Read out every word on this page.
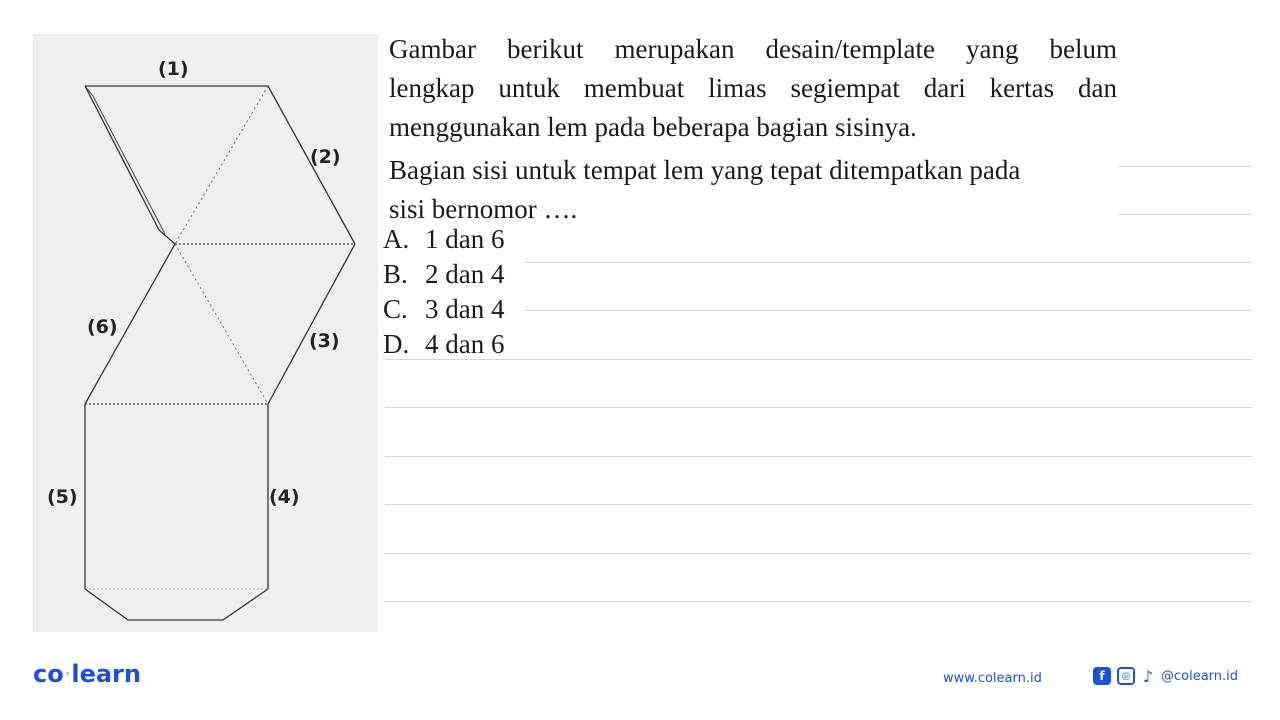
(1)
(2)
(3)
(4)
(5)
(6)
Gambar berikut merupakan desain/template yang belum
lengkap untuk membuat limas segiempat dari kertas dan
menggunakan lem pada beberapa bagian sisinya.
Bagian sisi untuk tempat lem yang tepat ditempatkan pada
sisi bernomor ….
A. 1 dan 6
B. 2 dan 4
C. 3 dan 4
D. 4 dan 6
co·learn	www.colearn.id	f	◎ ♪ @colearn.id
